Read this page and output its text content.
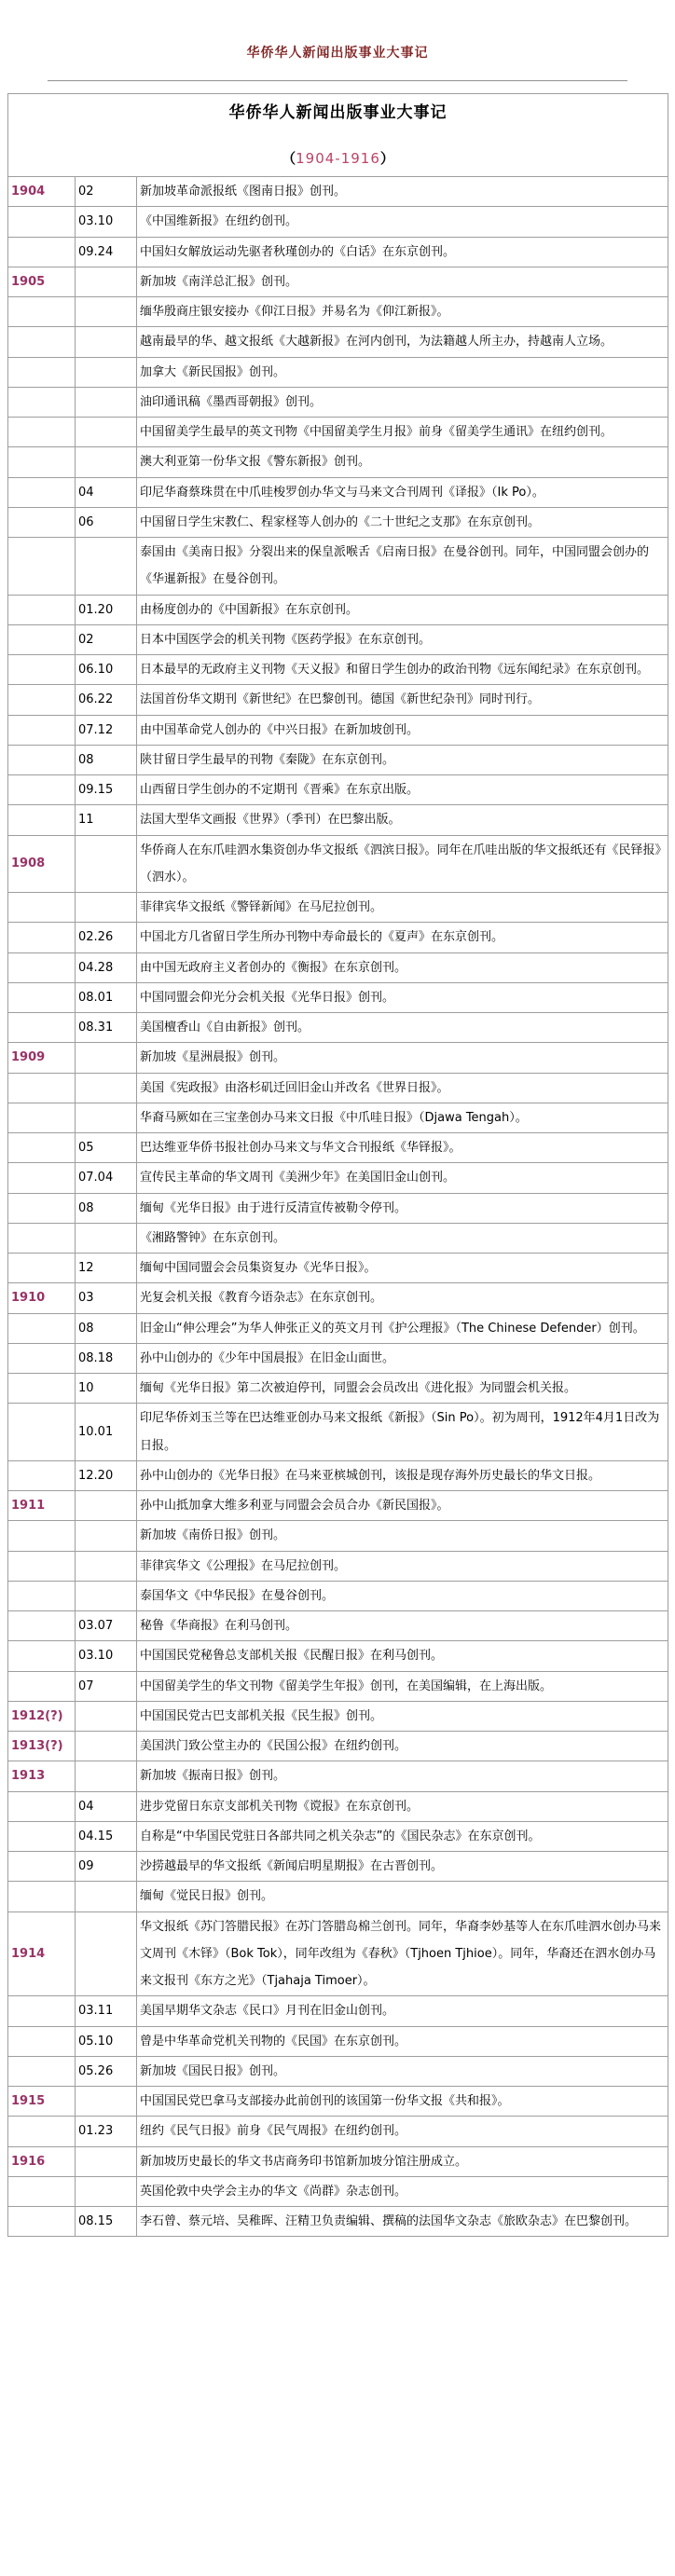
华侨华人新闻出版事业大事记
华侨华人新闻出版事业大事记
（1904-1916）		

1904	02	新加坡革命派报纸《图南日报》创刊。
	03.10	《中国维新报》在纽约创刊。
	09.24	中国妇女解放运动先驱者秋瑾创办的《白话》在东京创刊。
1905		新加坡《南洋总汇报》创刊。
		缅华殷商庄银安接办《仰江日报》并易名为《仰江新报》。
		越南最早的华、越文报纸《大越新报》在河内创刊，为法籍越人所主办，持越南人立场。
		加拿大《新民国报》创刊。
		油印通讯稿《墨西哥朝报》创刊。
		中国留美学生最早的英文刊物《中国留美学生月报》前身《留美学生通讯》在纽约创刊。
		澳大利亚第一份华文报《警东新报》创刊。
	04	印尼华裔蔡珠贯在中爪哇梭罗创办华文与马来文合刊周刊《译报》（Ik Po）。
	06	中国留日学生宋教仁、程家柽等人创办的《二十世纪之支那》在东京创刊。
		泰国由《美南日报》分裂出来的保皇派喉舌《启南日报》在曼谷创刊。同年，中国同盟会创办的《华暹新报》在曼谷创刊。
	01.20	由杨度创办的《中国新报》在东京创刊。
	02	日本中国医学会的机关刊物《医药学报》在东京创刊。
	06.10	日本最早的无政府主义刊物《天义报》和留日学生创办的政治刊物《远东闻纪录》在东京创刊。
	06.22	法国首份华文期刊《新世纪》在巴黎创刊。德国《新世纪杂刊》同时刊行。
	07.12	由中国革命党人创办的《中兴日报》在新加坡创刊。
	08	陕甘留日学生最早的刊物《秦陇》在东京创刊。
	09.15	山西留日学生创办的不定期刊《晋乘》在东京出版。
	11	法国大型华文画报《世界》（季刊）在巴黎出版。
1908		华侨商人在东爪哇泗水集资创办华文报纸《泗滨日报》。同年在爪哇出版的华文报纸还有《民铎报》（泗水）。
		菲律宾华文报纸《警铎新闻》在马尼拉创刊。
	02.26	中国北方几省留日学生所办刊物中寿命最长的《夏声》在东京创刊。
	04.28	由中国无政府主义者创办的《衡报》在东京创刊。
	08.01	中国同盟会仰光分会机关报《光华日报》创刊。
	08.31	美国檀香山《自由新报》创刊。
1909		新加坡《星洲晨报》创刊。
		美国《宪政报》由洛杉矶迁回旧金山并改名《世界日报》。
		华裔马厥如在三宝垄创办马来文日报《中爪哇日报》（Djawa Tengah）。
	05	巴达维亚华侨书报社创办马来文与华文合刊报纸《华铎报》。
	07.04	宣传民主革命的华文周刊《美洲少年》在美国旧金山创刊。
	08	缅甸《光华日报》由于进行反清宣传被勒令停刊。
		《湘路警钟》在东京创刊。
	12	缅甸中国同盟会会员集资复办《光华日报》。
1910	03	光复会机关报《教育今语杂志》在东京创刊。
	08	旧金山“伸公理会”为华人伸张正义的英文月刊《护公理报》（The Chinese Defender）创刊。
	08.18	孙中山创办的《少年中国晨报》在旧金山面世。
	10	缅甸《光华日报》第二次被迫停刊，同盟会会员改出《进化报》为同盟会机关报。
	10.01	印尼华侨刘玉兰等在巴达维亚创办马来文报纸《新报》（Sin Po）。初为周刊，1912年4月1日改为日报。
	12.20	孙中山创办的《光华日报》在马来亚槟城创刊，该报是现存海外历史最长的华文日报。
1911		孙中山抵加拿大维多利亚与同盟会会员合办《新民国报》。
		新加坡《南侨日报》创刊。
		菲律宾华文《公理报》在马尼拉创刊。
		泰国华文《中华民报》在曼谷创刊。
	03.07	秘鲁《华商报》在利马创刊。
	03.10	中国国民党秘鲁总支部机关报《民醒日报》在利马创刊。
	07	中国留美学生的华文刊物《留美学生年报》创刊，在美国编辑，在上海出版。
1912(?)		中国国民党古巴支部机关报《民生报》创刊。
1913(?)		美国洪门致公堂主办的《民国公报》在纽约创刊。
1913		新加坡《振南日报》创刊。
	04	进步党留日东京支部机关刊物《谠报》在东京创刊。
	04.15	自称是“中华国民党驻日各部共同之机关杂志”的《国民杂志》在东京创刊。
	09	沙捞越最早的华文报纸《新闻启明星期报》在古晋创刊。
		缅甸《觉民日报》创刊。
1914		华文报纸《苏门答腊民报》在苏门答腊岛棉兰创刊。同年，华裔李妙基等人在东爪哇泗水创办马来文周刊《木铎》（Bok Tok），同年改组为《春秋》（Tjhoen Tjhioe）。同年，华裔还在泗水创办马来文报刊《东方之光》（Tjahaja Timoer）。
	03.11	美国早期华文杂志《民口》月刊在旧金山创刊。
	05.10	曾是中华革命党机关刊物的《民国》在东京创刊。
	05.26	新加坡《国民日报》创刊。
1915		中国国民党巴拿马支部接办此前创刊的该国第一份华文报《共和报》。
	01.23	纽约《民气日报》前身《民气周报》在纽约创刊。
1916		新加坡历史最长的华文书店商务印书馆新加坡分馆注册成立。
		英国伦敦中央学会主办的华文《尚群》杂志创刊。
	08.15	李石曾、蔡元培、吴稚晖、汪精卫负责编辑、撰稿的法国华文杂志《旅欧杂志》在巴黎创刊。
